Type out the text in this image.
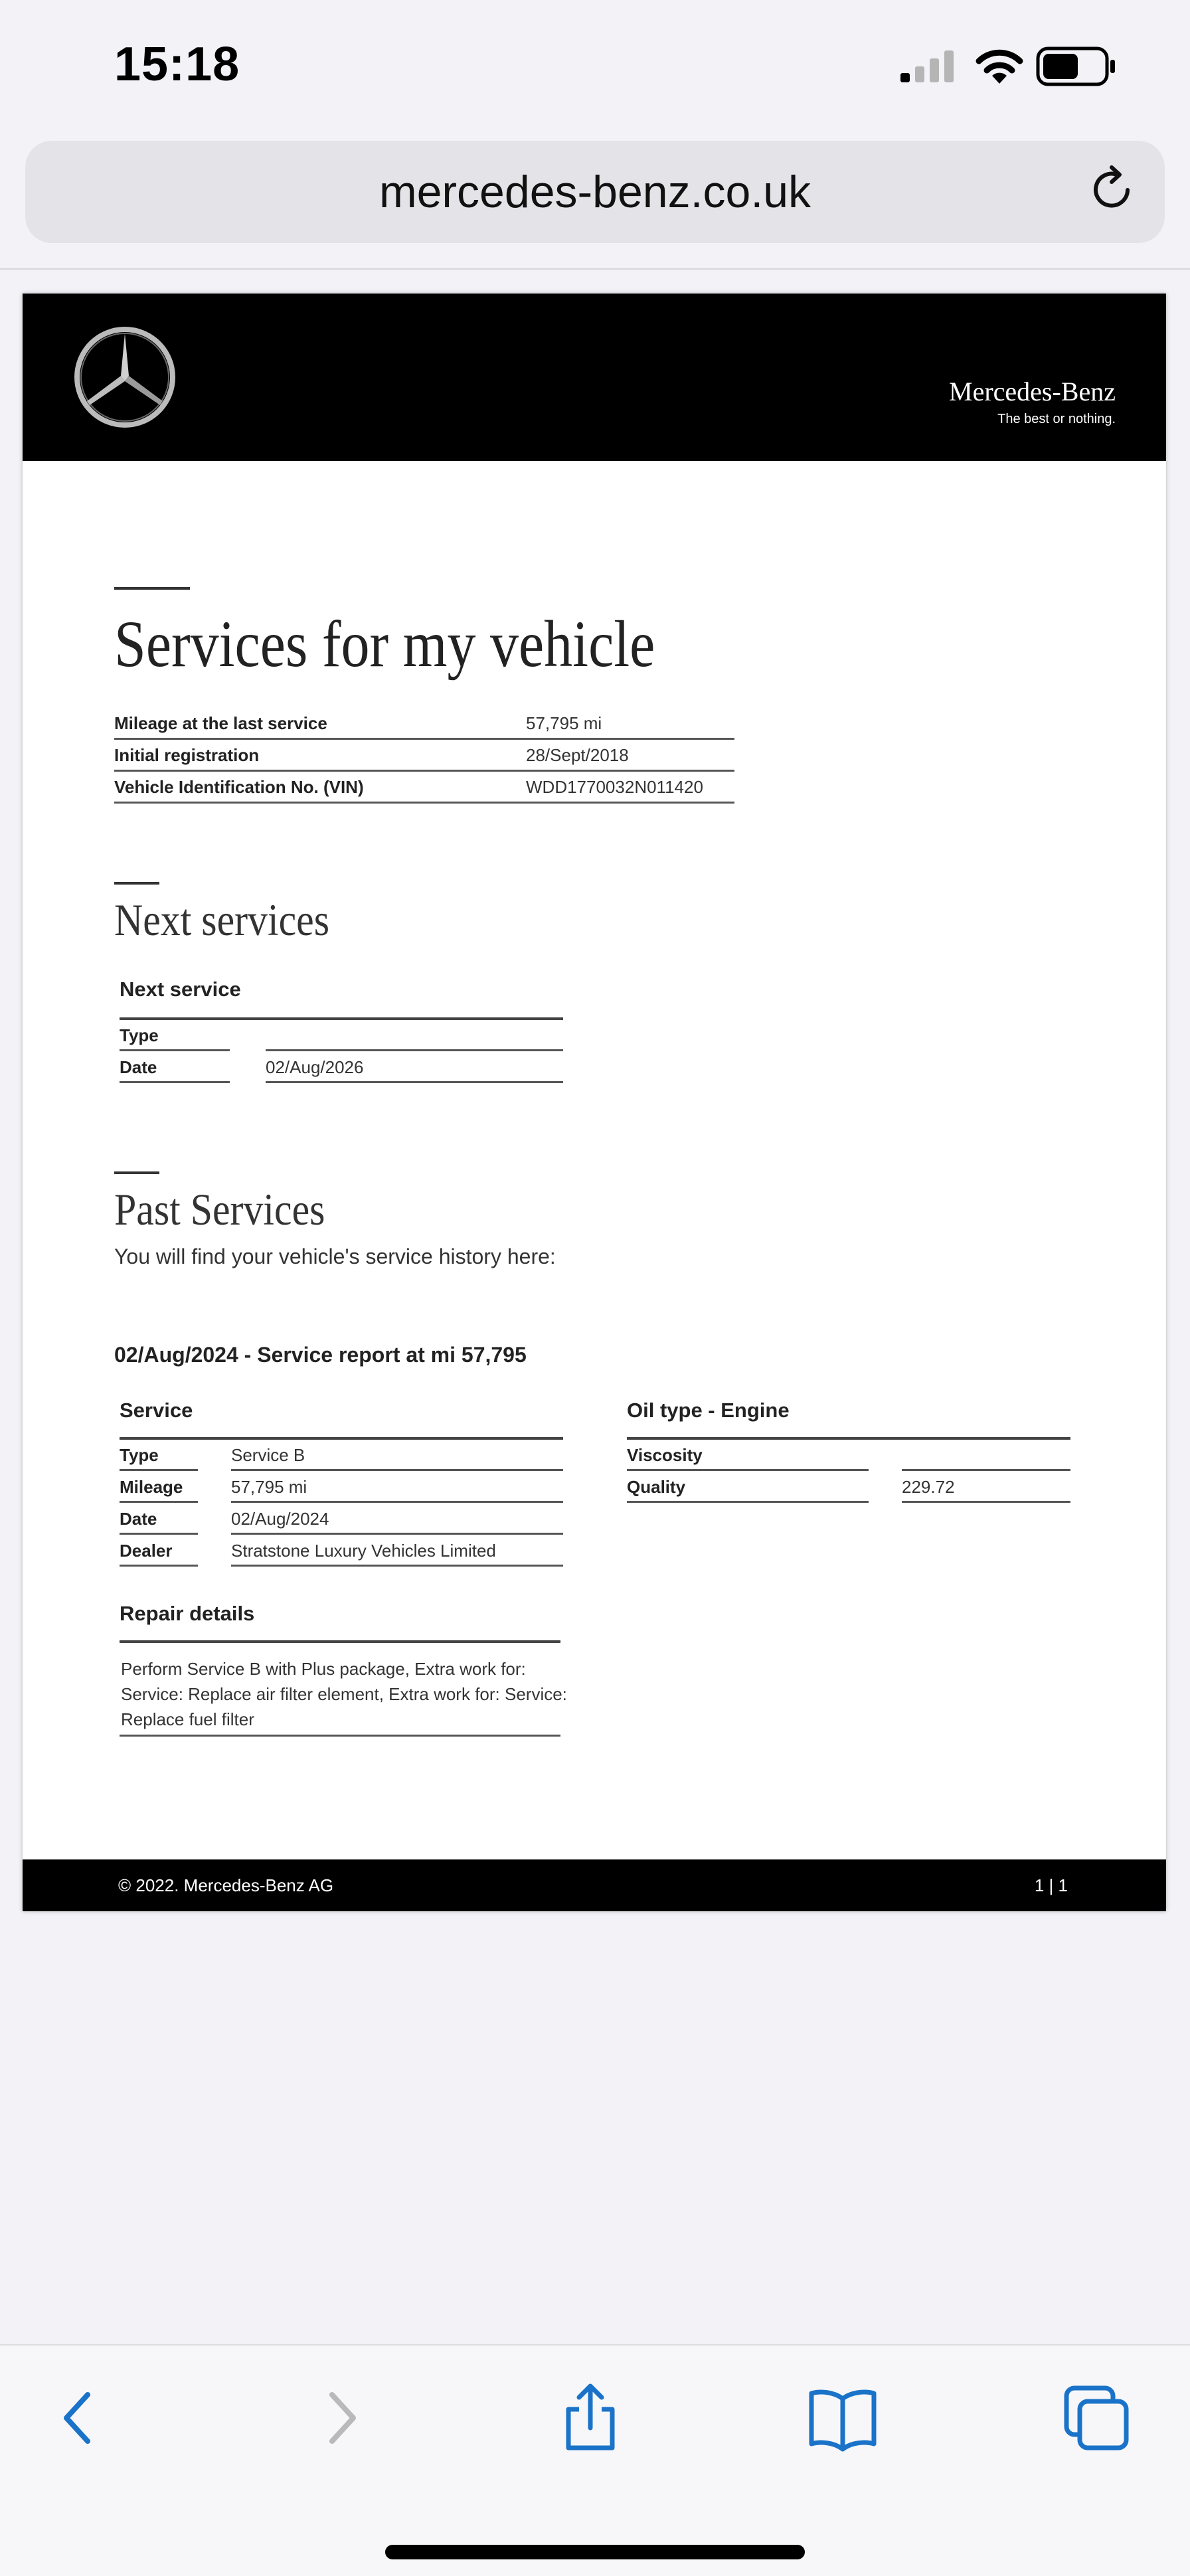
15:18
mercedes-benz.co.uk
Mercedes-Benz
The best or nothing.
Services for my vehicle
Mileage at the last service	57,795 mi
Initial registration	28/Sept/2018
Vehicle Identification No. (VIN)	WDD1770032N011420
Next services
Next service
Type
Date	02/Aug/2026
Past Services
You will find your vehicle's service history here:
02/Aug/2024 - Service report at mi 57,795
Service
Type	Service B
Mileage	57,795 mi
Date	02/Aug/2024
Dealer	Stratstone Luxury Vehicles Limited
Oil type - Engine
Viscosity
Quality	229.72
Repair details
Perform Service B with Plus package, Extra work for: Service: Replace air filter element, Extra work for: Service: Replace fuel filter
© 2022. Mercedes-Benz AG	1 | 1
